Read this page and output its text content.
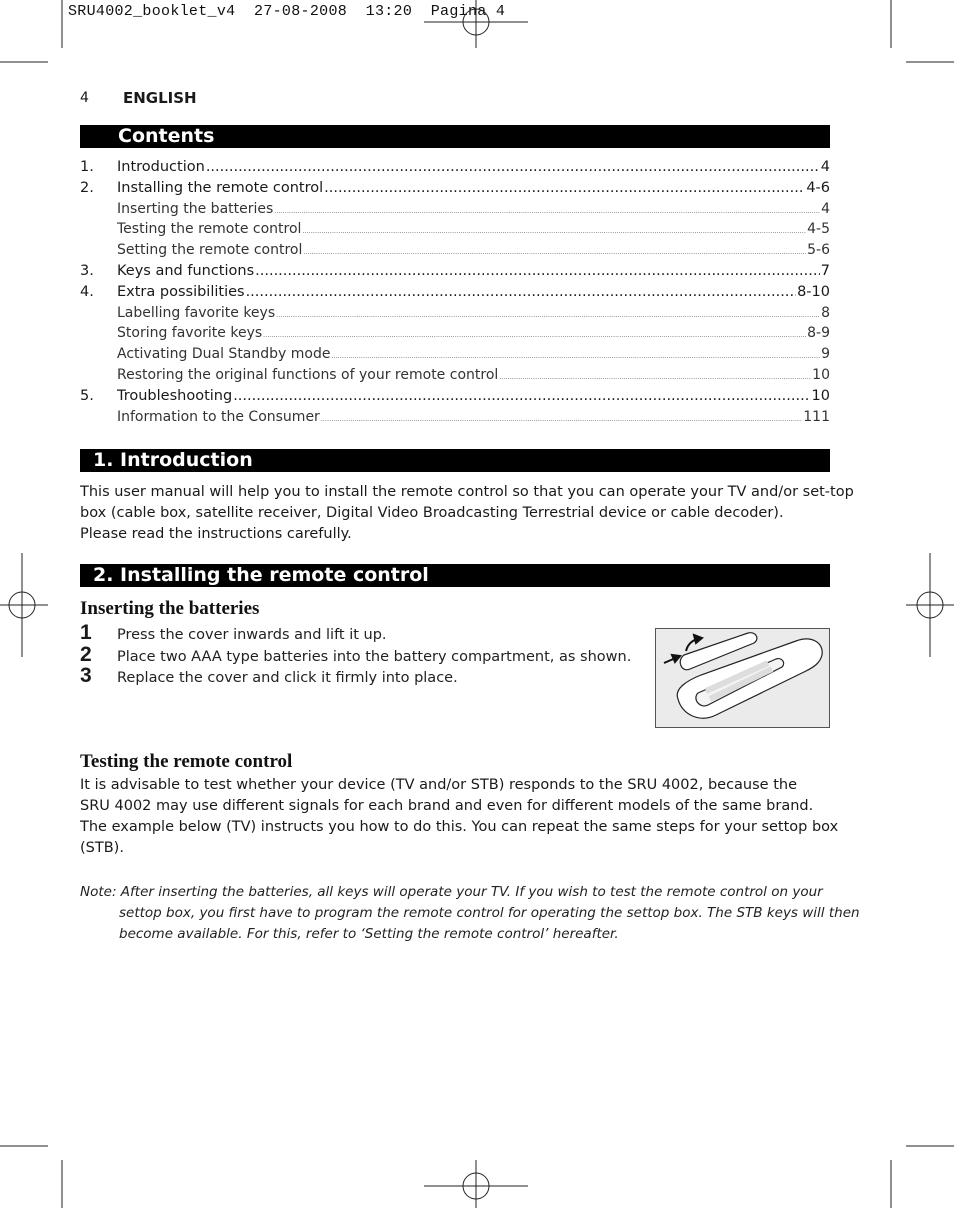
SRU4002_booklet_v4  27-08-2008  13:20  Pagina 4
4 ENGLISH
Contents
1.	Introduction .....	4
2.	Installing the remote control .....	4-6
Inserting the batteries .....	4
Testing the remote control .....	4-5
Setting the remote control .....	5-6
3.	Keys and functions .....	7
4.	Extra possibilities .....	8-10
Labelling favorite keys .....	8
Storing favorite keys .....	8-9
Activating Dual Standby mode .....	9
Restoring the original functions of your remote control .....	10
5.	Troubleshooting .....	10
Information to the Consumer .....	111
1. Introduction
This user manual will help you to install the remote control so that you can operate your TV and/or set-top
box (cable box, satellite receiver, Digital Video Broadcasting Terrestrial device or cable decoder).
Please read the instructions carefully.
2. Installing the remote control
Inserting the batteries
1	Press the cover inwards and lift it up.
2	Place two AAA type batteries into the battery compartment, as shown.
3	Replace the cover and click it firmly into place.
Testing the remote control
It is advisable to test whether your device (TV and/or STB) responds to the SRU 4002, because the
SRU 4002 may use different signals for each brand and even for different models of the same brand.
The example below (TV) instructs you how to do this. You can repeat the same steps for your settop box
(STB).
Note: After inserting the batteries, all keys will operate your TV. If you wish to test the remote control on your
settop box, you first have to program the remote control for operating the settop box. The STB keys will then
become available. For this, refer to ‘Setting the remote control’ hereafter.
